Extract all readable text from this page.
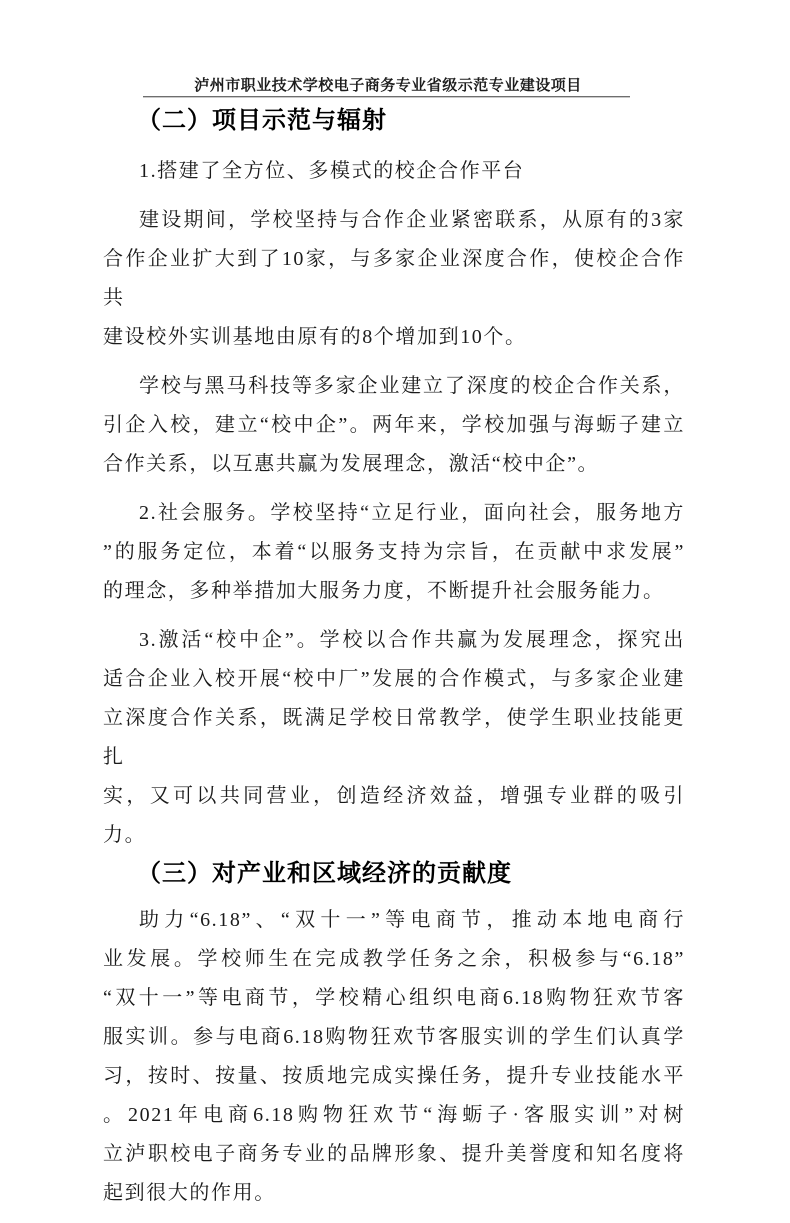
泸州市职业技术学校电子商务专业省级示范专业建设项目
（二）项目示范与辐射
1.搭建了全方位、多模式的校企合作平台
建设期间，学校坚持与合作企业紧密联系，从原有的3家
合作企业扩大到了10家，与多家企业深度合作，使校企合作共
建设校外实训基地由原有的8个增加到10个。
学校与黑马科技等多家企业建立了深度的校企合作关系，
引企入校，建立“校中企”。两年来，学校加强与海蛎子建立
合作关系，以互惠共赢为发展理念，激活“校中企”。
2.社会服务。学校坚持“立足行业，面向社会，服务地方
”的服务定位，本着“以服务支持为宗旨，在贡献中求发展”
的理念，多种举措加大服务力度，不断提升社会服务能力。
3.激活“校中企”。学校以合作共赢为发展理念，探究出
适合企业入校开展“校中厂”发展的合作模式，与多家企业建
立深度合作关系，既满足学校日常教学，使学生职业技能更扎
实，又可以共同营业，创造经济效益，增强专业群的吸引力。
（三）对产业和区域经济的贡献度
助力“6.18”、“双十一”等电商节，推动本地电商行
业发展。学校师生在完成教学任务之余，积极参与“6.18”
“双十一”等电商节，学校精心组织电商6.18购物狂欢节客
服实训。参与电商6.18购物狂欢节客服实训的学生们认真学
习，按时、按量、按质地完成实操任务，提升专业技能水平
。2021年电商6.18购物狂欢节“海蛎子·客服实训”对树
立泸职校电子商务专业的品牌形象、提升美誉度和知名度将
起到很大的作用。
